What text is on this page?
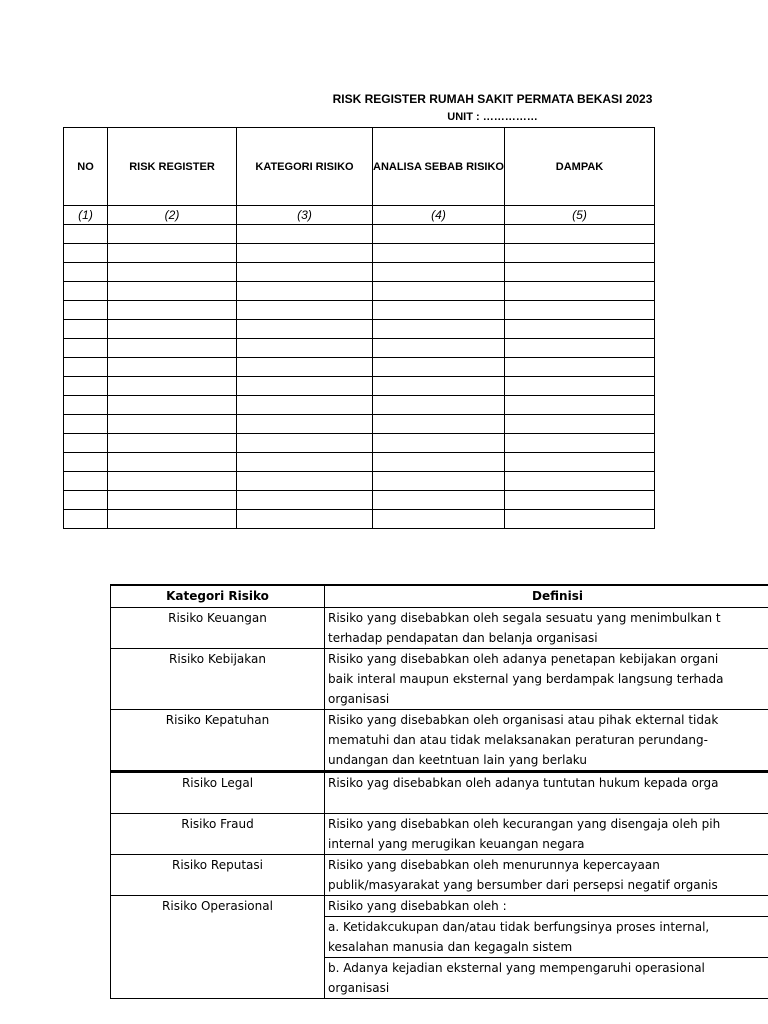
RISK REGISTER RUMAH SAKIT PERMATA BEKASI 2023
UNIT : ……………
NO	RISK REGISTER	KATEGORI RISIKO	ANALISA SEBAB RISIKO	DAMPAK
(1)	(2)	(3)	(4)	(5)

Kategori Risiko	Definisi
Risiko Keuangan	Risiko yang disebabkan oleh segala sesuatu yang menimbulkan t
terhadap pendapatan dan belanja organisasi

Risiko Kebijakan	Risiko yang disebabkan oleh adanya penetapan kebijakan organi
baik interal maupun eksternal yang berdampak langsung terhada
organisasi

Risiko Kepatuhan	Risiko yang disebabkan oleh organisasi atau pihak ekternal tidak
mematuhi dan atau tidak melaksanakan peraturan perundang-
undangan dan keetntuan lain yang berlaku

Risiko Legal	Risiko yag disebabkan oleh adanya tuntutan hukum kepada orga

Risiko Fraud	Risiko yang disebabkan oleh kecurangan yang disengaja oleh pih
internal yang merugikan keuangan negara

Risiko Reputasi	Risiko yang disebabkan oleh menurunnya kepercayaan
publik/masyarakat yang bersumber dari persepsi negatif organis

Risiko Operasional	Risiko yang disebabkan oleh :

	a. Ketidakcukupan dan/atau tidak berfungsinya proses internal,
kesalahan manusia dan kegagaln sistem

	b. Adanya kejadian eksternal yang mempengaruhi operasional
organisasi
